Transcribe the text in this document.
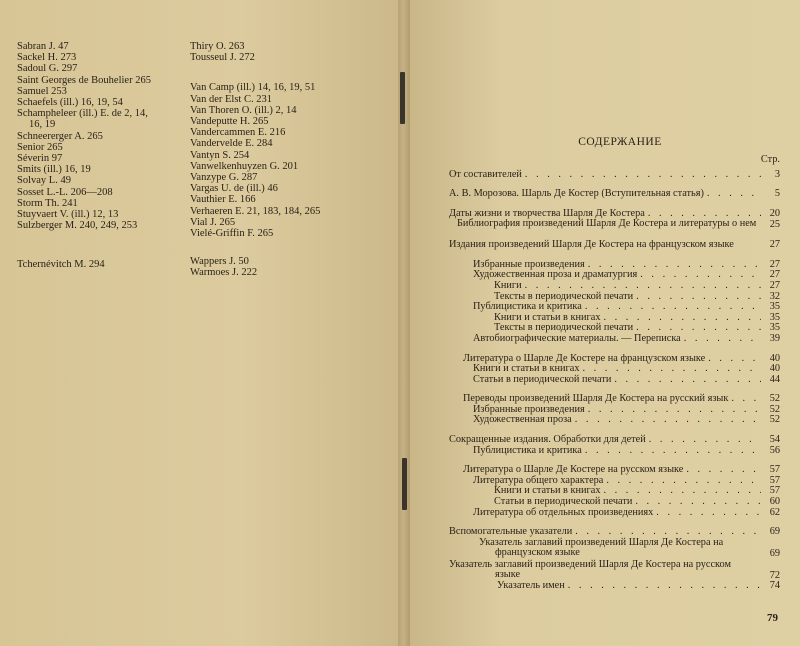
Sabran J. 47
Sackel H. 273
Sadoul G. 297
Saint Georges de Bouhelier 265
Samuel 253
Schaefels (ill.) 16, 19, 54
Schampheleer (ill.) E. de 2, 14,
16, 19
Schneererger A. 265
Senior 265
Séverin 97
Smits (ill.) 16, 19
Solvay L. 49
Sosset L.-L. 206—208
Storm Th. 241
Stuyvaert V. (ill.) 12, 13
Sulzberger M. 240, 249, 253
Tchernévitch M. 294
Thiry O. 263
Tousseul J. 272
Van Camp (ill.) 14, 16, 19, 51
Van der Elst C. 231
Van Thoren O. (ill.) 2, 14
Vandeputte H. 265
Vandercammen E. 216
Vandervelde E. 284
Vantyn S. 254
Vanwelkenhuyzen G. 201
Vanzype G. 287
Vargas U. de (ill.) 46
Vauthier E. 166
Verhaeren E. 21, 183, 184, 265
Vial J. 265
Vielé-Griffin F. 265
Wappers J. 50
Warmoes J. 222
СОДЕРЖАНИЕ
Стр.
От составителей . . .	3
А. В. Морозова. Шарль Де Костер (Вступительная статья) . . .	5
Даты жизни и творчества Шарля Де Костера . . .	20
Библиография произведений Шарля Де Костера и литературы о нем	25
Издания произведений Шарля Де Костера на французском языке	27
Избранные произведения . . .	27
Художественная проза и драматургия . . .	27
Книги . . .	27
Тексты в периодической печати . . .	32
Публицистика и критика . . .	35
Книги и статьи в книгах . . .	35
Тексты в периодической печати . . .	35
Автобиографические материалы. — Переписка . . .	39
Литература о Шарле Де Костере на французском языке . . .	40
Книги и статьи в книгах . . .	40
Статьи в периодической печати . . .	44
Переводы произведений Шарля Де Костера на русский язык . . .	52
Избранные произведения . . .	52
Художественная проза . . .	52
Сокращенные издания. Обработки для детей . . .	54
Публицистика и критика . . .	56
Литература о Шарле Де Костере на русском языке . . .	57
Литература общего характера . . .	57
Книги и статьи в книгах . . .	57
Статьи в периодической печати . . .	60
Литература об отдельных произведениях . . .	62
Вспомогательные указатели . . .	69
Указатель заглавий произведений Шарля Де Костера на французском языке	69
Указатель заглавий произведений Шарля Де Костера на русском языке	72
Указатель имен . . .	74
79
